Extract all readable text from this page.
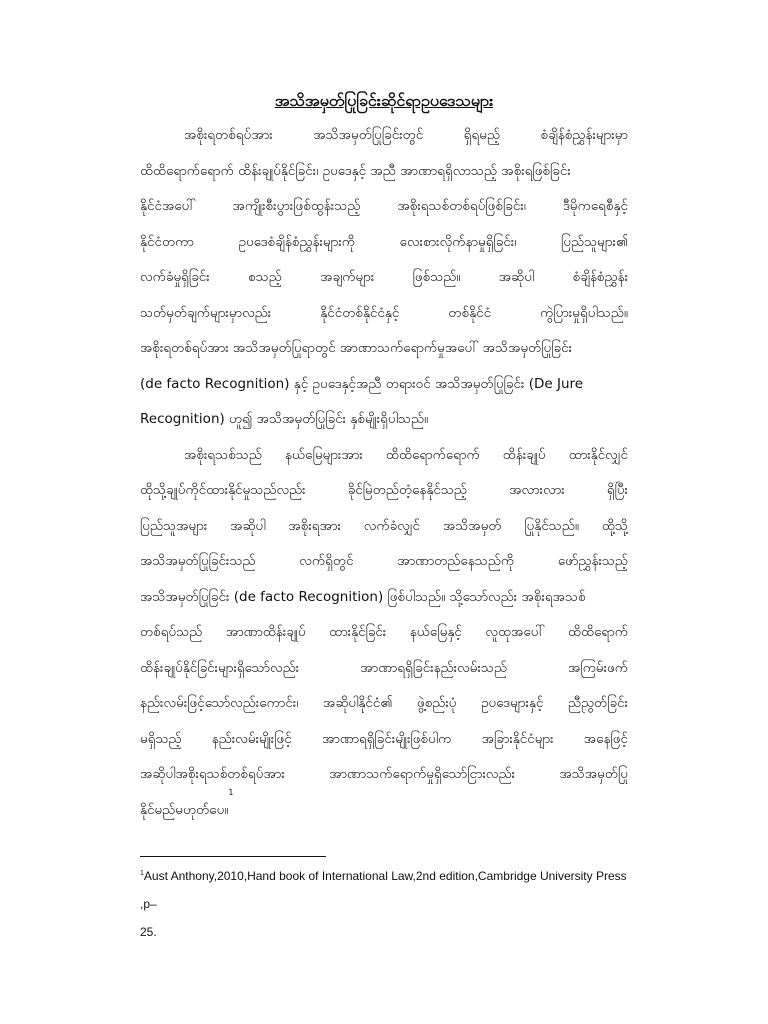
အသိအမှတ်ပြုခြင်းဆိုင်ရာဥပဒေသများ
အစိုးရတစ်ရပ်အား	အသိအမှတ်ပြုခြင်းတွင်	ရှိရမည့်	စံချိန်စံညွှန်းများမှာ
ထိထိရောက်ရောက် ထိန်းချုပ်နိုင်ခြင်း၊ ဥပဒေနှင့် အညီ အာဏာရရှိလာသည့် အစိုးရဖြစ်ခြင်း
နိုင်ငံအပေါ်	အကျိုးစီးပွားဖြစ်ထွန်းသည့်	အစိုးရသစ်တစ်ရပ်ဖြစ်ခြင်း၊	ဒီမိုကရေစီနှင့်
နိုင်ငံတကာ	ဥပဒေစံချိန်စံညွှန်းများကို	လေးစားလိုက်နာမှုရှိခြင်း၊	ပြည်သူများ၏
လက်ခံမှုရှိခြင်း	စသည့်	အချက်များ	ဖြစ်သည်။	အဆိုပါ	စံချိန်စံညွှန်း
သတ်မှတ်ချက်များမှာလည်း	နိုင်ငံတစ်နိုင်ငံနှင့်	တစ်နိုင်ငံ	ကွဲပြားမှုရှိပါသည်။
အစိုးရတစ်ရပ်အား အသိအမှတ်ပြုရာတွင် အာဏာသက်ရောက်မှုအပေါ် အသိအမှတ်ပြုခြင်း
(de facto Recognition) နှင့် ဥပဒေနှင့်အညီ တရားဝင် အသိအမှတ်ပြုခြင်း (De Jure
Recognition) ဟူ၍ အသိအမှတ်ပြုခြင်း နှစ်မျိုးရှိပါသည်။
အစိုးရသစ်သည် နယ်မြေများအား ထိထိရောက်ရောက် ထိန်းချုပ် ထားနိုင်လျှင်
ထိုသို့ချုပ်ကိုင်ထားနိုင်မှုသည်လည်း	ခိုင်မြဲတည်တံ့နေနိုင်သည့်	အလားလား	ရှိပြီး
ပြည်သူအများ အဆိုပါ အစိုးရအား လက်ခံလျှင် အသိအမှတ် ပြုနိုင်သည်။ ထို့သို့
အသိအမှတ်ပြုခြင်းသည်	လက်ရှိတွင်	အာဏာတည်နေသည်ကို	ဖော်ညွှန်းသည့်
အသိအမှတ်ပြုခြင်း (de facto Recognition) ဖြစ်ပါသည်။ သို့သော်လည်း အစိုးရအသစ်
တစ်ရပ်သည် အာဏာထိန်းချုပ် ထားနိုင်ခြင်း နယ်မြေနှင့် လူထုအပေါ် ထိထိရောက်
ထိန်းချုပ်နိုင်ခြင်းများရှိသော်လည်း	အာဏာရရှိခြင်းနည်းလမ်းသည်	အကြမ်းဖက်
နည်းလမ်းဖြင့်သော်လည်းကောင်း၊ အဆိုပါနိုင်ငံ၏ ဖွဲ့စည်းပုံ ဥပဒေများနှင့် ညီညွတ်ခြင်း
မရှိသည့် နည်းလမ်းမျိုးဖြင့် အာဏာရရှိခြင်းမျိုးဖြစ်ပါက အခြားနိုင်ငံများ အနေဖြင့်
အဆိုပါအစိုးရသစ်တစ်ရပ်အား	အာဏာသက်ရောက်မှုရှိသော်ငြားလည်း	အသိအမှတ်ပြု
နိုင်မည်မဟုတ်ပေ။
1
$^1$Aust Anthony,2010,Hand book of International Law,2nd edition,Cambridge University Press ,p–
25.
